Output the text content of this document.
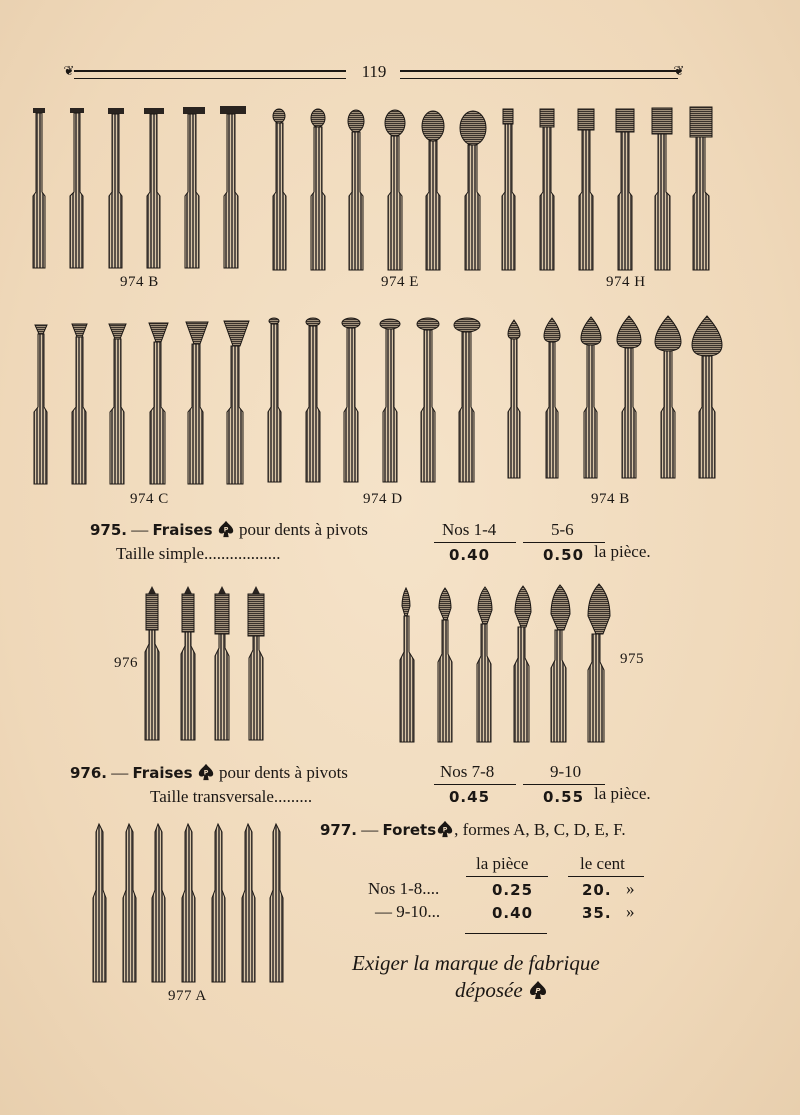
❦	119	❦
974 B	974 E	974 H
974 C	974 D	974 B
975. — Fraises P pour dents à pivots
Taille simple..................
Nos 1-4	5-6
0.40	0.50 la pièce.
976	975
976. — Fraises P pour dents à pivots
Taille transversale.........
Nos 7-8	9-10
0.45	0.55 la pièce.
977 A
977. — Forets P , formes A, B, C, D, E, F.
la pièce	le cent
Nos 1-8....	0.25	20. »
— 9-10...	0.40	35. »
Exiger la marque de fabrique
déposée P
